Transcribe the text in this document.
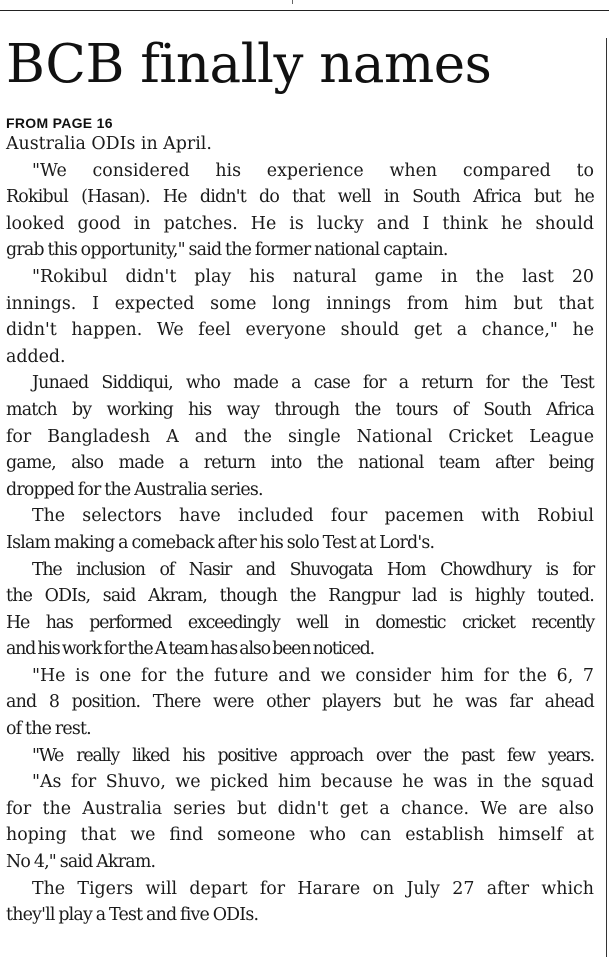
BCB finally names
FROM PAGE 16

Australia ODIs in April.

"We considered his experience when compared to

Rokibul (Hasan). He didn't do that well in South Africa but he

looked good in patches. He is lucky and I think he should

grab this opportunity," said the former national captain.

"Rokibul didn't play his natural game in the last 20

innings. I expected some long innings from him but that

didn't happen. We feel everyone should get a chance," he

added.

Junaed Siddiqui, who made a case for a return for the Test

match by working his way through the tours of South Africa

for Bangladesh A and the single National Cricket League

game, also made a return into the national team after being

dropped for the Australia series.

The selectors have included four pacemen with Robiul

Islam making a comeback after his solo Test at Lord's.

The inclusion of Nasir and Shuvogata Hom Chowdhury is for

the ODIs, said Akram, though the Rangpur lad is highly touted.

He has performed exceedingly well in domestic cricket recently

and his work for the A team has also been noticed.

"He is one for the future and we consider him for the 6, 7

and 8 position. There were other players but he was far ahead

of the rest.

"We really liked his positive approach over the past few years.

"As for Shuvo, we picked him because he was in the squad

for the Australia series but didn't get a chance. We are also

hoping that we find someone who can establish himself at

No 4," said Akram.

The Tigers will depart for Harare on July 27 after which

they'll play a Test and five ODIs.
